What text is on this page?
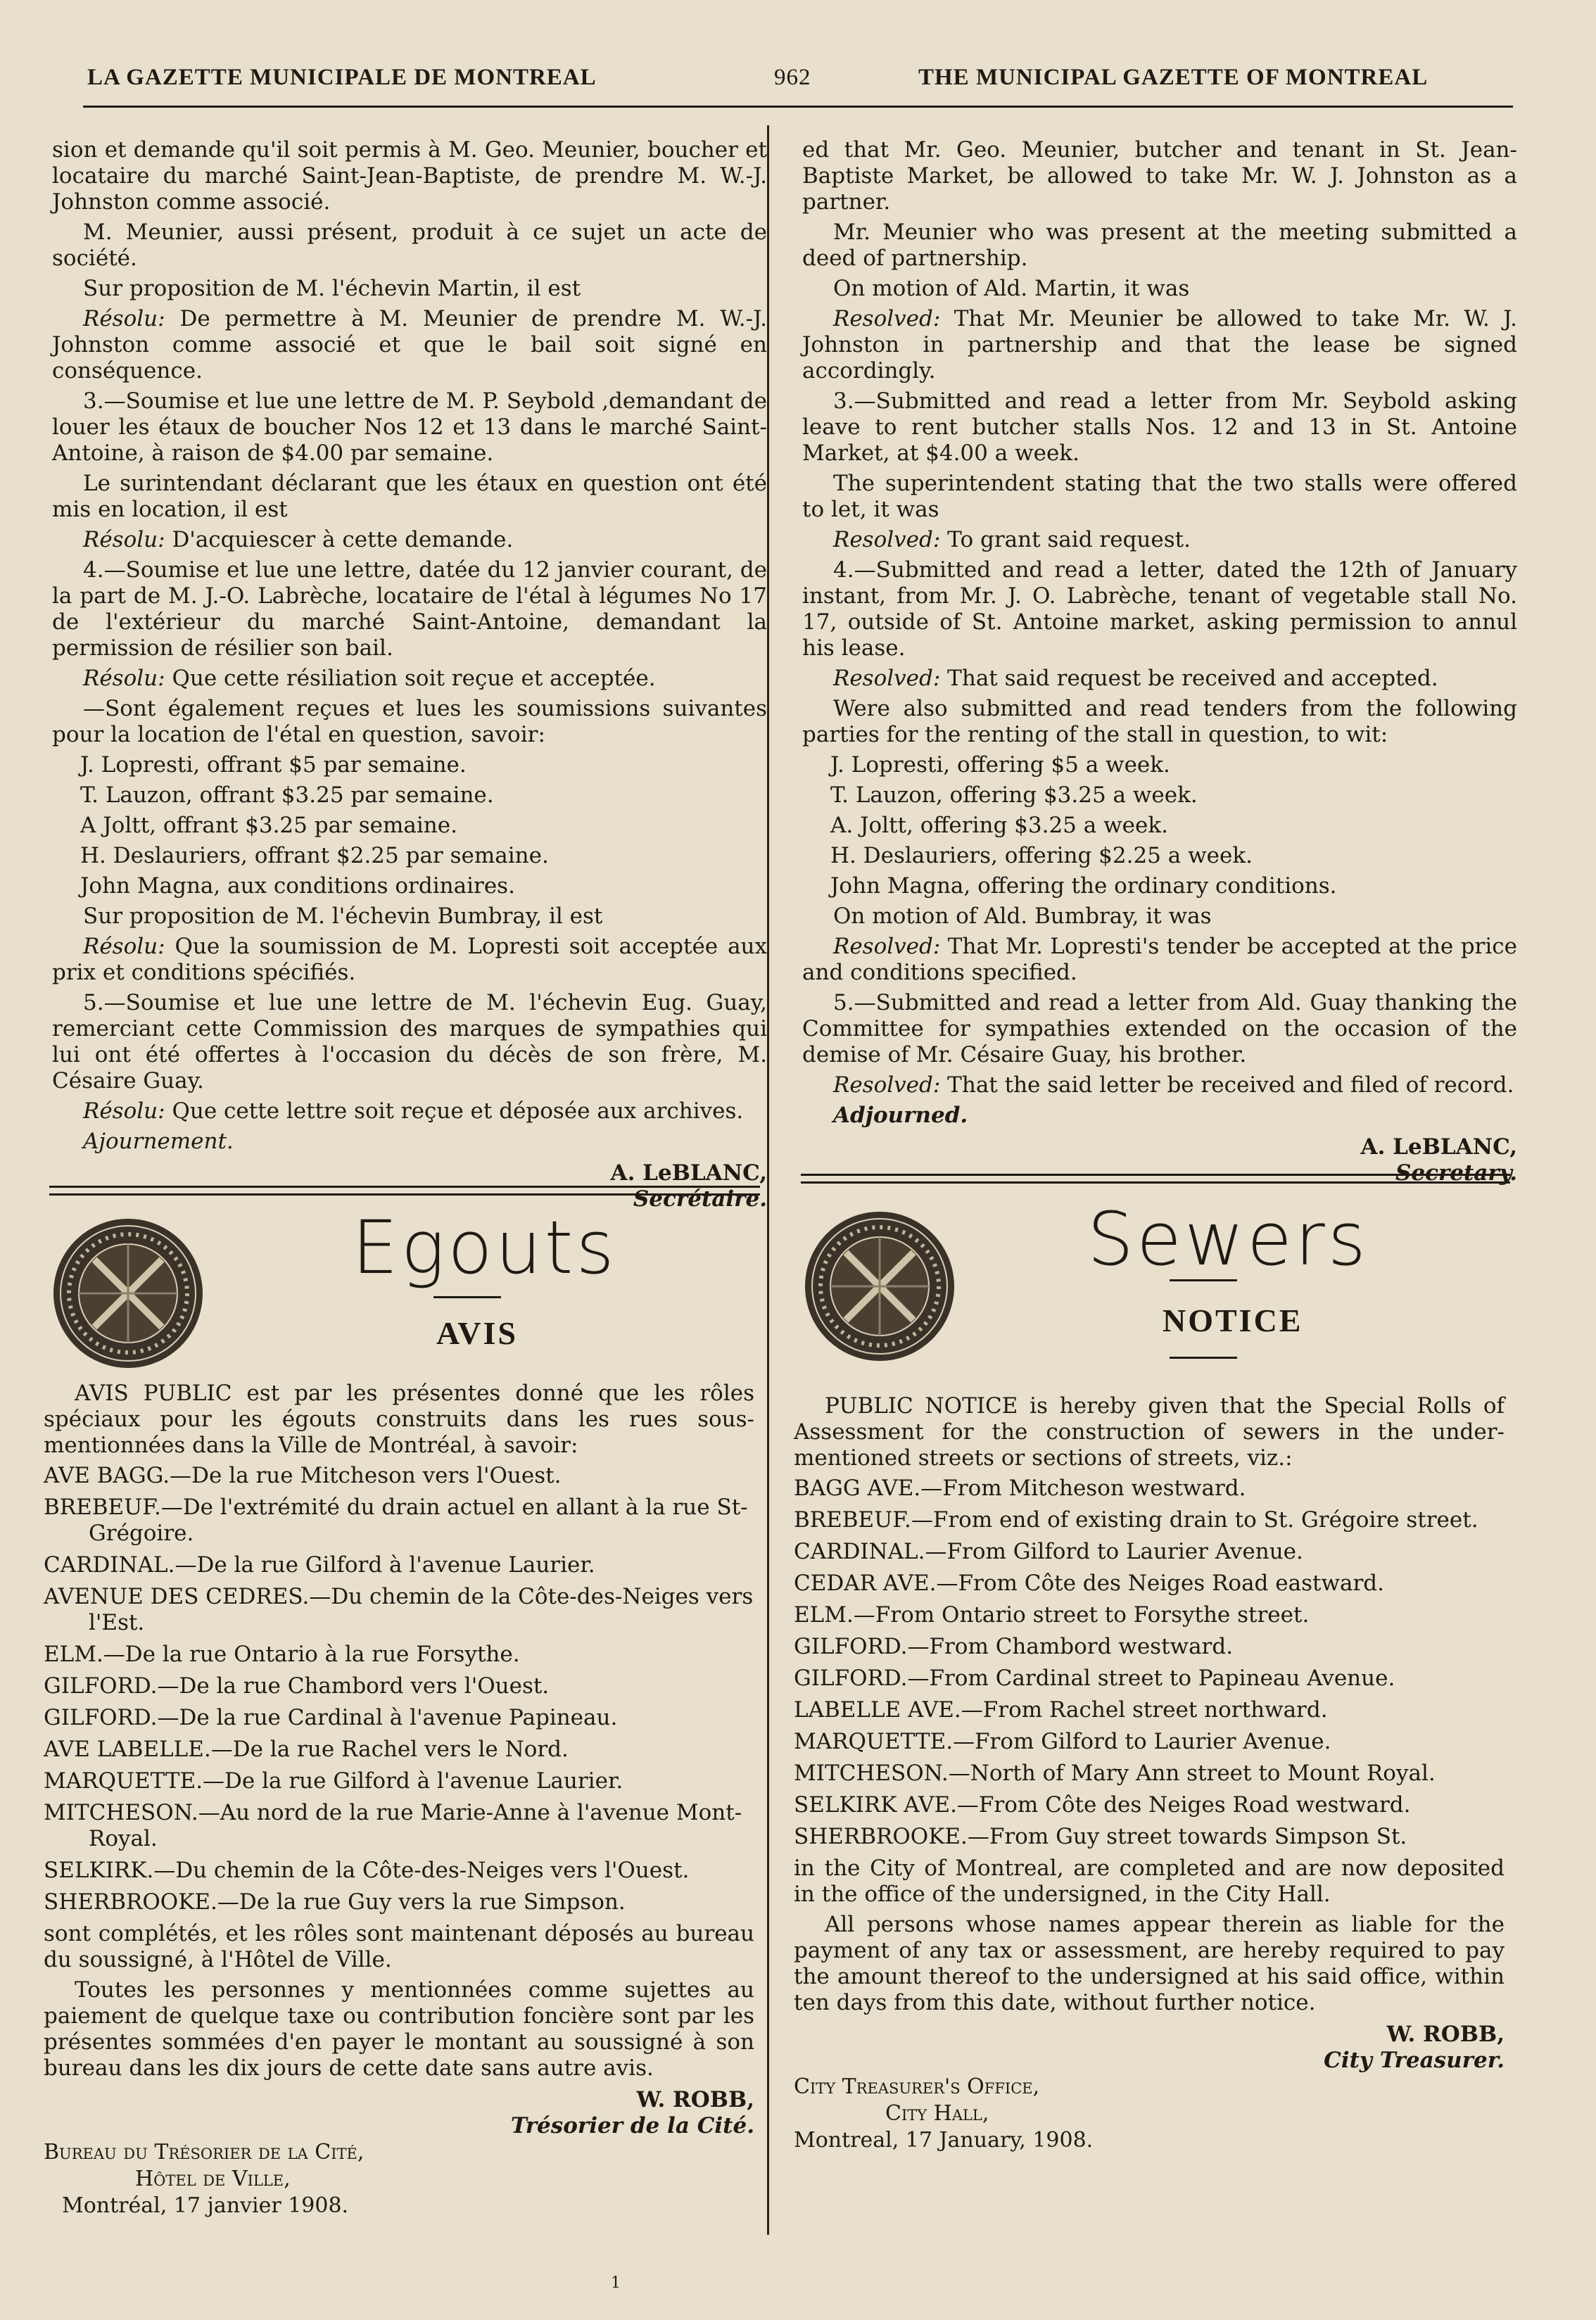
LA GAZETTE MUNICIPALE DE MONTREAL	962	THE MUNICIPAL GAZETTE OF MONTREAL

sion et demande qu'il soit permis à M. Geo. Meunier, boucher et locataire du marché Saint-Jean-Baptiste, de prendre M. W.-J. Johnston comme associé.

M. Meunier, aussi présent, produit à ce sujet un acte de société.

Sur proposition de M. l'échevin Martin, il est

Résolu: De permettre à M. Meunier de prendre M. W.-J. Johnston comme associé et que le bail soit signé en conséquence.

3.—Soumise et lue une lettre de M. P. Seybold ,demandant de louer les étaux de boucher Nos 12 et 13 dans le marché Saint-Antoine, à raison de $4.00 par semaine.

Le surintendant déclarant que les étaux en question ont été mis en location, il est

Résolu: D'acquiescer à cette demande.

4.—Soumise et lue une lettre, datée du 12 janvier courant, de la part de M. J.-O. Labrèche, locataire de l'étal à légumes No 17 de l'extérieur du marché Saint-Antoine, demandant la permission de résilier son bail.

Résolu: Que cette résiliation soit reçue et acceptée.

—Sont également reçues et lues les soumissions suivantes pour la location de l'étal en question, savoir:

J. Lopresti, offrant $5 par semaine.

T. Lauzon, offrant $3.25 par semaine.

A Joltt, offrant $3.25 par semaine.

H. Deslauriers, offrant $2.25 par semaine.

John Magna, aux conditions ordinaires.

Sur proposition de M. l'échevin Bumbray, il est

Résolu: Que la soumission de M. Lopresti soit acceptée aux prix et conditions spécifiés.

5.—Soumise et lue une lettre de M. l'échevin Eug. Guay, remerciant cette Commission des marques de sympathies qui lui ont été offertes à l'occasion du décès de son frère, M. Césaire Guay.

Résolu: Que cette lettre soit reçue et déposée aux archives.

Ajournement.

A. LeBLANC,
Secrétaire.

ed that Mr. Geo. Meunier, butcher and tenant in St. Jean-Baptiste Market, be allowed to take Mr. W. J. Johnston as a partner.

Mr. Meunier who was present at the meeting submitted a deed of partnership.

On motion of Ald. Martin, it was

Resolved: That Mr. Meunier be allowed to take Mr. W. J. Johnston in partnership and that the lease be signed accordingly.

3.—Submitted and read a letter from Mr. Seybold asking leave to rent butcher stalls Nos. 12 and 13 in St. Antoine Market, at $4.00 a week.

The superintendent stating that the two stalls were offered to let, it was

Resolved: To grant said request.

4.—Submitted and read a letter, dated the 12th of January instant, from Mr. J. O. Labrèche, tenant of vegetable stall No. 17, outside of St. Antoine market, asking permission to annul his lease.

Resolved: That said request be received and accepted.

Were also submitted and read tenders from the following parties for the renting of the stall in question, to wit:

J. Lopresti, offering $5 a week.

T. Lauzon, offering $3.25 a week.

A. Joltt, offering $3.25 a week.

H. Deslauriers, offering $2.25 a week.

John Magna, offering the ordinary conditions.

On motion of Ald. Bumbray, it was

Resolved: That Mr. Lopresti's tender be accepted at the price and conditions specified.

5.—Submitted and read a letter from Ald. Guay thanking the Committee for sympathies extended on the occasion of the demise of Mr. Césaire Guay, his brother.

Resolved: That the said letter be received and filed of record.

Adjourned.

A. LeBLANC,
Secretary.
Egouts
AVIS
Sewers
NOTICE

AVIS PUBLIC est par les présentes donné que les rôles spéciaux pour les égouts construits dans les rues sous-mentionnées dans la Ville de Montréal, à savoir:

AVE BAGG.—De la rue Mitcheson vers l'Ouest.

BREBEUF.—De l'extrémité du drain actuel en allant à la rue St-Grégoire.

CARDINAL.—De la rue Gilford à l'avenue Laurier.

AVENUE DES CEDRES.—Du chemin de la Côte-des-Neiges vers l'Est.

ELM.—De la rue Ontario à la rue Forsythe.

GILFORD.—De la rue Chambord vers l'Ouest.

GILFORD.—De la rue Cardinal à l'avenue Papineau.

AVE LABELLE.—De la rue Rachel vers le Nord.

MARQUETTE.—De la rue Gilford à l'avenue Laurier.

MITCHESON.—Au nord de la rue Marie-Anne à l'avenue Mont-Royal.

SELKIRK.—Du chemin de la Côte-des-Neiges vers l'Ouest.

SHERBROOKE.—De la rue Guy vers la rue Simpson.

sont complétés, et les rôles sont maintenant déposés au bureau du soussigné, à l'Hôtel de Ville.

Toutes les personnes y mentionnées comme sujettes au paiement de quelque taxe ou contribution foncière sont par les présentes sommées d'en payer le montant au soussigné à son bureau dans les dix jours de cette date sans autre avis.

W. ROBB,
Trésorier de la Cité.
Bureau du Trésorier de la Cité,
Hôtel de Ville,
Montréal, 17 janvier 1908.

PUBLIC NOTICE is hereby given that the Special Rolls of Assessment for the construction of sewers in the under-mentioned streets or sections of streets, viz.:

BAGG AVE.—From Mitcheson westward.

BREBEUF.—From end of existing drain to St. Grégoire street.

CARDINAL.—From Gilford to Laurier Avenue.

CEDAR AVE.—From Côte des Neiges Road eastward.

ELM.—From Ontario street to Forsythe street.

GILFORD.—From Chambord westward.

GILFORD.—From Cardinal street to Papineau Avenue.

LABELLE AVE.—From Rachel street northward.

MARQUETTE.—From Gilford to Laurier Avenue.

MITCHESON.—North of Mary Ann street to Mount Royal.

SELKIRK AVE.—From Côte des Neiges Road westward.

SHERBROOKE.—From Guy street towards Simpson St.

in the City of Montreal, are completed and are now deposited in the office of the undersigned, in the City Hall.

All persons whose names appear therein as liable for the payment of any tax or assessment, are hereby required to pay the amount thereof to the undersigned at his said office, within ten days from this date, without further notice.

W. ROBB,
City Treasurer.
City Treasurer's Office,
City Hall,
Montreal, 17 January, 1908.
1
